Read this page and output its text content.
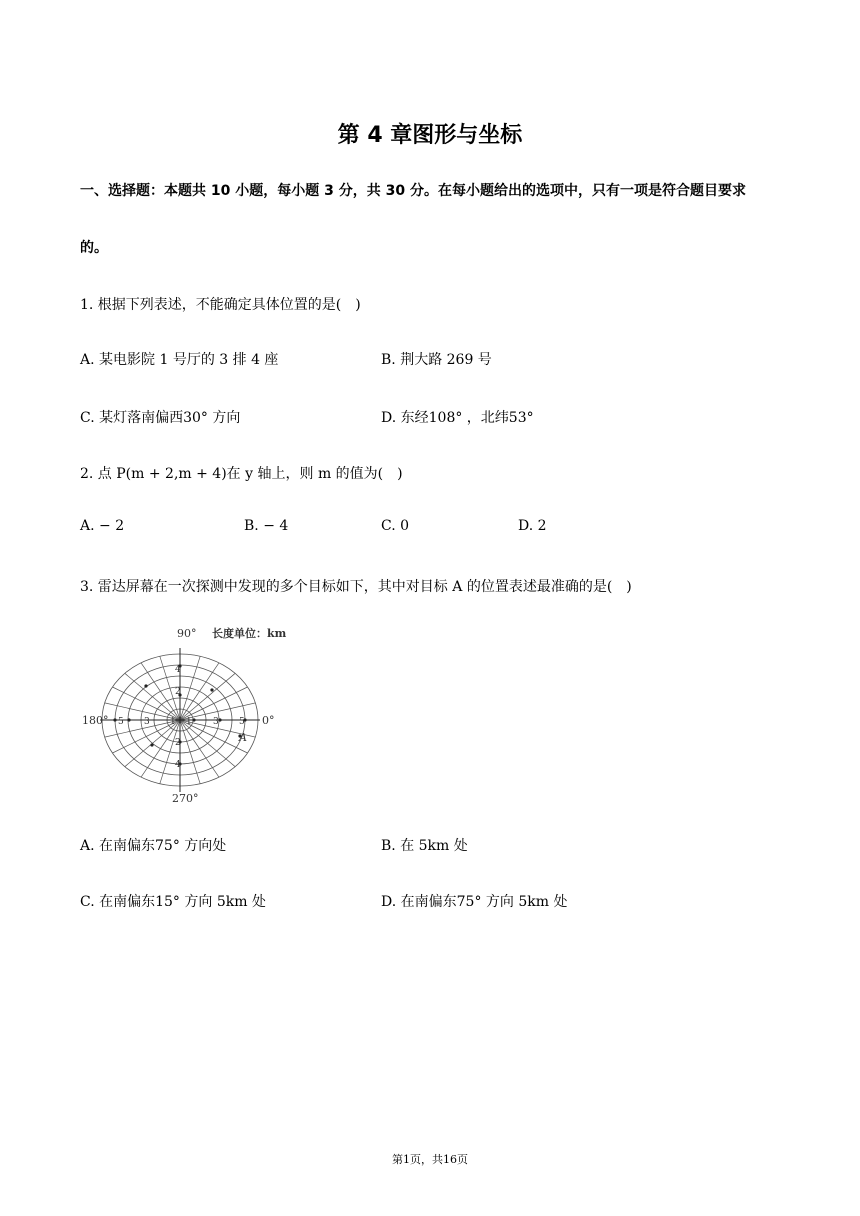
第 4 章图形与坐标
一、选择题：本题共 10 小题，每小题 3 分，共 30 分。在每小题给出的选项中，只有一项是符合题目要求
的。
1. 根据下列表述，不能确定具体位置的是(　)
A. 某电影院 1 号厅的 3 排 4 座	B. 荆大路 269 号
C. 某灯落南偏西30° 方向	D. 东经108° ，北纬53°
2. 点 P(m + 2,m + 4)在 y 轴上，则 m 的值为(　)
A. − 2	B. − 4	C. 0	D. 2
3. 雷达屏幕在一次探测中发现的多个目标如下，其中对目标 A 的位置表述最准确的是(　)
90° 长度单位：km
180°	0°
270°
A
5 3 1 1 3 5
4
2
2
4
A. 在南偏东75° 方向处	B. 在 5km 处
C. 在南偏东15° 方向 5km 处	D. 在南偏东75° 方向 5km 处
第1页，共16页
